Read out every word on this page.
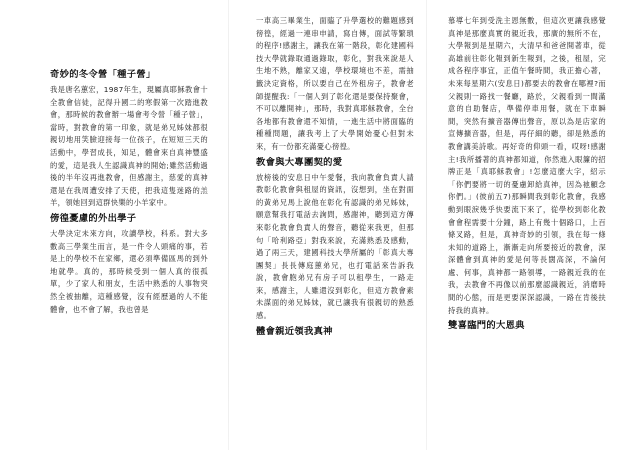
奇妙的冬令營「種子營」
我是唐名蕙宏，1987年生，現屬真耶穌教會十全教會信徒，記得升國二的寒假第一次踏進教會，那時候的教會辦一場會考令營「種子營」，當時，對教會的第一印象，就是弟兄姊妹都很親切地用笑臉迎接每一位孩子，在短短三天的活動中，學習成長，知足，體會來自真神豐盛的愛，這是我人生認識真神的開始;雖然活動過後的半年沒再進教會，但感謝主，慈愛的真神還是在我周遭安排了天使，把我這隻迷路的羔羊，領她回到這群快樂的小羊家中。
傍徨憂慮的外出學子
大學決定未來方向，攻讀學校，科系。對大多數高三學業生而言，是一件令人頭痛的事，若是上的學校不在家鄉，還必須準備區馬的到外地就學。真的，那時候受到一個人真的很孤單，少了家人和朋友，生活中熟悉的人事物突然全被抽離，這種感覺，沒有經歷過的人不能體會，也不會了解，我也曾是
一車高三畢業生，面臨了升學選校的難題感到徬徨，經過一連串申請，寫自傳，面試等繁瑣的程序!感謝主，讓我在第一階段，彰化建國科技大學就錄取通過錄取，彰化，對我來說是人生地不熟，離家又遠，學校環境也不差，需抽籤決定資格，所以要自己在外租房子，教會老師提醒我:「一個人到了彰化還是要保持聚會，不可以離開神」，那時，我對真耶穌教會，全台各地都有教會還不知情，一進生活中將面臨的種種問題，讓我考上了大學開始憂心但對未來，有一份都充滿憂心徬徨。
教會與大專團契的愛
放榜後的安息日中午愛餐，我向教會負責人請教彰化教會與租屋的資訊，沒想到，坐在對面的黃弟兄馬上說他在彰化有認識的弟兄姊妹，願意幫我打電話去詢問，感謝神，聽到這方傳來彰化教會負責人的聲音，聽從來我更，但那句「哈利路亞」對我來說，充滿熟悉及感動，過了兩三天，建國科技大學所屬的「彰真大專團契」長長傳庭蕙弟兄，也打電話來告訴我說，教會胞弟兄有房子可以租學生，一路走來，感謝主，人雖還沒到彰化，但這方教會素未謀面的弟兄姊妹，就已讓我有很親切的熟悉感。
體會親近領我真神
慕導七年到受洗主恩無數，但這次更讓我感覺真神是那麼真實的親近我，那廣的無所不在，大學報到是星期六，大清早和爸爸開著車，從高雄前往彰化報到新生報到，之後，租屋，完成各程序事宜，正值午餐時間，我正擔心著，未來每星期六(安息日)都要去的教會在哪裡?而父親則一路找一餐廳，路於，父親看到一間滿意的自助餐店，準備停車用餐，就在下車瞬間，突然有擴音器傳出聲音，原以為是店家的宣傳擴音器，但是，再仔細的聽，卻是熟悉的教會講美詩歌。再好奇的仰頭一看，哎呀!感謝主!我所播著的真神都知道，你然進入眼簾的招牌正是「真耶穌教會」!怎麼這麼大字，紹示「你們要將一切的憂慮卸給真神，因為祂顧念你們。」(彼前五7)那瞬間我到彰化教會，我感動到眼淚幾乎快要流下來了，從學校到彰化教會會程需要十分鐘，路上有幾十個路口，上百條叉路，但是，真神奇妙的引領，我在每一條未知的道路上，漸漸走向所要接近的教會，深深體會到真神的愛是何等長闊高深，不論何處、何事，真神都一路領導，一路親近我的在我，去教會不再像以前那麼認識親近，消磨時間的心態，而是更要深深認識，一路在肯後扶持我的真神。
雙喜臨門的大恩典
